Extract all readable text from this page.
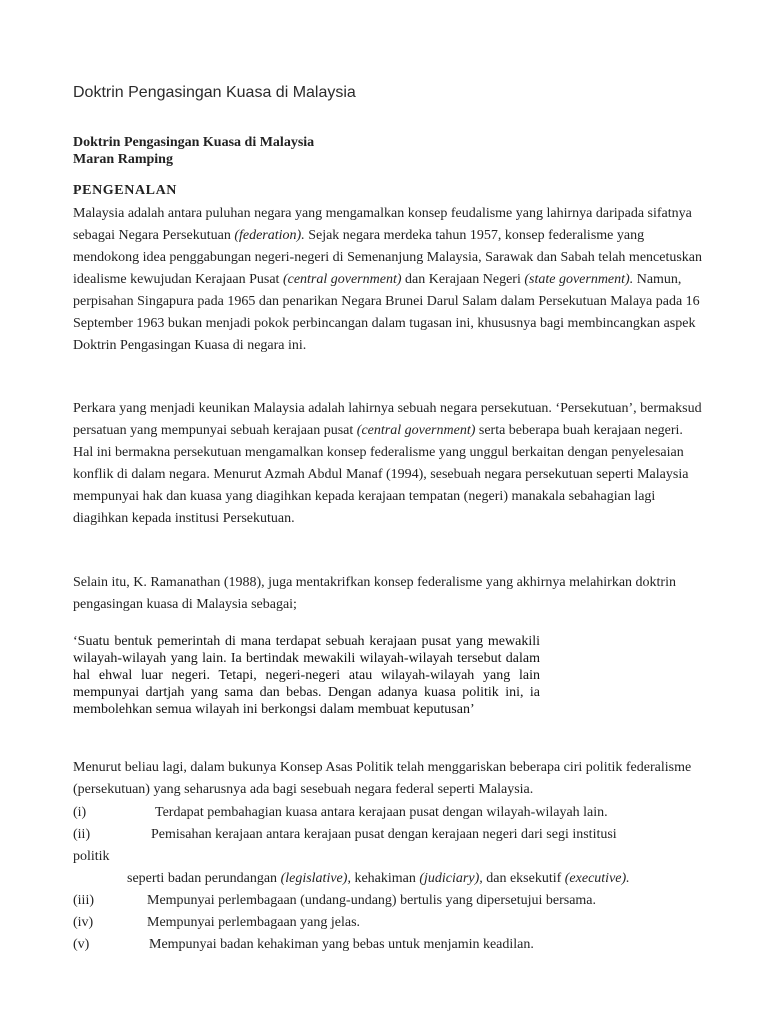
Doktrin Pengasingan Kuasa di Malaysia
Doktrin Pengasingan Kuasa di Malaysia
Maran Ramping
PENGENALAN

Malaysia adalah antara puluhan negara yang mengamalkan konsep feudalisme yang lahirnya daripada sifatnya sebagai Negara Persekutuan (federation). Sejak negara merdeka tahun 1957, konsep federalisme yang mendokong idea penggabungan negeri-negeri di Semenanjung Malaysia, Sarawak dan Sabah telah mencetuskan idealisme kewujudan Kerajaan Pusat (central government) dan Kerajaan Negeri (state government). Namun, perpisahan Singapura pada 1965 dan penarikan Negara Brunei Darul Salam dalam Persekutuan Malaya pada 16 September 1963 bukan menjadi pokok perbincangan dalam tugasan ini, khususnya bagi membincangkan aspek Doktrin Pengasingan Kuasa di negara ini.

Perkara yang menjadi keunikan Malaysia adalah lahirnya sebuah negara persekutuan. ‘Persekutuan’, bermaksud persatuan yang mempunyai sebuah kerajaan pusat (central government) serta beberapa buah kerajaan negeri. Hal ini bermakna persekutuan mengamalkan konsep federalisme yang unggul berkaitan dengan penyelesaian konflik di dalam negara. Menurut Azmah Abdul Manaf (1994), sesebuah negara persekutuan seperti Malaysia mempunyai hak dan kuasa yang diagihkan kepada kerajaan tempatan (negeri) manakala sebahagian lagi diagihkan kepada institusi Persekutuan.

Selain itu, K. Ramanathan (1988), juga mentakrifkan konsep federalisme yang akhirnya melahirkan doktrin pengasingan kuasa di Malaysia sebagai;

‘Suatu bentuk pemerintah di mana terdapat sebuah kerajaan pusat yang mewakili wilayah-wilayah yang lain. Ia bertindak mewakili wilayah-wilayah tersebut dalam hal ehwal luar negeri. Tetapi, negeri-negeri atau wilayah-wilayah yang lain mempunyai dartjah yang sama dan bebas. Dengan adanya kuasa politik ini, ia membolehkan semua wilayah ini berkongsi dalam membuat keputusan’

Menurut beliau lagi, dalam bukunya Konsep Asas Politik telah menggariskan beberapa ciri politik federalisme (persekutuan) yang seharusnya ada bagi sesebuah negara federal seperti Malaysia.

(i)	Terdapat pembahagian kuasa antara kerajaan pusat dengan wilayah-wilayah lain.
(ii)	Pemisahan kerajaan antara kerajaan pusat dengan kerajaan negeri dari segi institusi
politik
seperti badan perundangan (legislative), kehakiman (judiciary), dan eksekutif (executive).
(iii)	Mempunyai perlembagaan (undang-undang) bertulis yang dipersetujui bersama.
(iv)	Mempunyai perlembagaan yang jelas.
(v)	Mempunyai badan kehakiman yang bebas untuk menjamin keadilan.
